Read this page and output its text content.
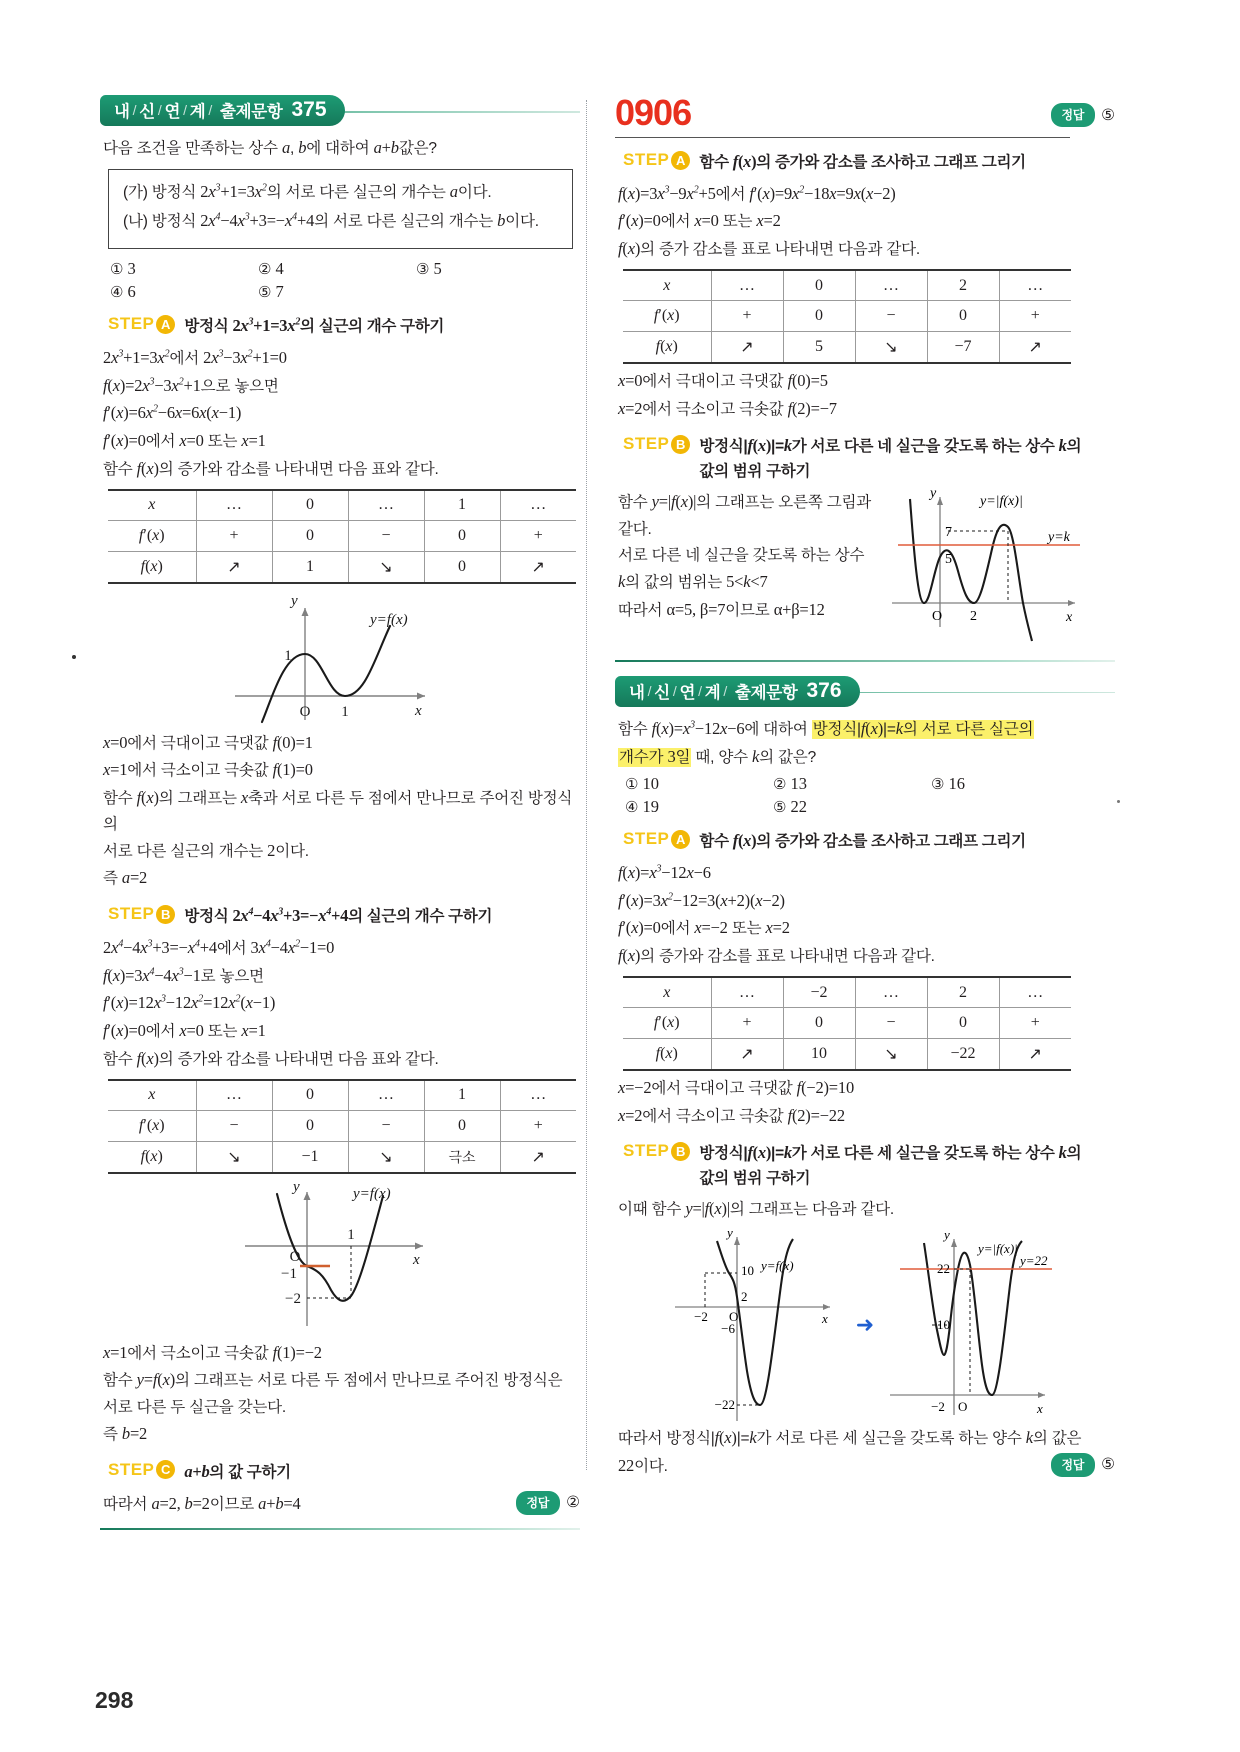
내 / 신 / 연 / 계 / 출제문항 375

다음 조건을 만족하는 상수 a, b에 대하여 a+b값은?

(가) 방정식 $2x^3+1=3x^2$의 서로 다른 실근의 개수는 a이다.

(나) 방정식 $2x^4-4x^3+3=-x^4+4$의 서로 다른 실근의 개수는 b이다.

① 3	② 4	③ 5
④ 6	⑤ 7
STEP A 방정식 $2x^3+1=3x^2$의 실근의 개수 구하기

$2x^3+1=3x^2$에서 $2x^3-3x^2+1=0$

$f(x)=2x^3-3x^2+1$으로 놓으면

$f'(x)=6x^2-6x=6x(x-1)$

f′(x)=0에서 x=0 또는 x=1

함수 f(x)의 증가와 감소를 나타내면 다음 표와 같다.

x	…	0	…	1	…
f′(x)	+	0	−	0	+
f(x)	↗	1	↘	0	↗
y
x
O
1
1
y=f(x)

x=0에서 극대이고 극댓값 f(0)=1

x=1에서 극소이고 극솟값 f(1)=0

함수 f(x)의 그래프는 x축과 서로 다른 두 점에서 만나므로 주어진 방정식의

서로 다른 실근의 개수는 2이다.

즉 a=2

STEP B 방정식 $2x^4-4x^3+3=-x^4+4$의 실근의 개수 구하기

$2x^4-4x^3+3=-x^4+4$에서 $3x^4-4x^2-1=0$

$f(x)=3x^4-4x^3-1$로 놓으면

$f'(x)=12x^3-12x^2=12x^2(x-1)$

f′(x)=0에서 x=0 또는 x=1

함수 f(x)의 증가와 감소를 나타내면 다음 표와 같다.

x	…	0	…	1	…
f′(x)	−	0	−	0	+
f(x)	↘	−1	↘	극소	↗
y
x
O
1
−1
−2
y=f(x)

x=1에서 극소이고 극솟값 f(1)=−2

함수 y=f(x)의 그래프는 서로 다른 두 점에서 만나므로 주어진 방정식은

서로 다른 두 실근을 갖는다.

즉 b=2

STEP C a+b의 값 구하기

따라서 a=2, b=2이므로 a+b=4	정답	②
0906	정답	⑤
STEP A 함수 f(x)의 증가와 감소를 조사하고 그래프 그리기

$f(x)=3x^3-9x^2+5$에서 $f'(x)=9x^2-18x=9x(x-2)$

f′(x)=0에서 x=0 또는 x=2

f(x)의 증가 감소를 표로 나타내면 다음과 같다.

x	…	0	…	2	…
f′(x)	+	0	−	0	+
f(x)	↗	5	↘	−7	↗

x=0에서 극대이고 극댓값 f(0)=5

x=2에서 극소이고 극솟값 f(2)=−7

STEP B 방정식|f(x)|=k가 서로 다른 네 실근을 갖도록 하는 상수 k의
값의 범위 구하기

함수 y=|f(x)|의 그래프는 오른쪽 그림과

같다.

서로 다른 네 실근을 갖도록 하는 상수

k의 값의 범위는 5<k<7

따라서 α=5, β=7이므로 α+β=12

y
x
7
5
O 2
y=|f(x)|
y=k
내 / 신 / 연 / 계 / 출제문항 376

함수 $f(x)=x^3-12x-6$에 대하여 방정식|f(x)|=k의 서로 다른 실근의

개수가 3일 때, 양수 k의 값은?

① 10	② 13	③ 16
④ 19	⑤ 22
STEP A 함수 f(x)의 증가와 감소를 조사하고 그래프 그리기

$f(x)=x^3-12x-6$

$f'(x)=3x^2-12=3(x+2)(x-2)$

f′(x)=0에서 x=−2 또는 x=2

f(x)의 증가와 감소를 표로 나타내면 다음과 같다.

x	…	−2	…	2	…
f′(x)	+	0	−	0	+
f(x)	↗	10	↘	−22	↗

x=−2에서 극대이고 극댓값 f(−2)=10

x=2에서 극소이고 극솟값 f(2)=−22

STEP B 방정식|f(x)|=k가 서로 다른 세 실근을 갖도록 하는 상수 k의
값의 범위 구하기

이때 함수 y=|f(x)|의 그래프는 다음과 같다.

y
x
10
2
−6
−22
−2 O
y=f(x)
➜
y
x
22
10
−2 O
y=|f(x)|
y=22

따라서 방정식|f(x)|=k가 서로 다른 세 실근을 갖도록 하는 양수 k의 값은

22이다.	정답	⑤
298
